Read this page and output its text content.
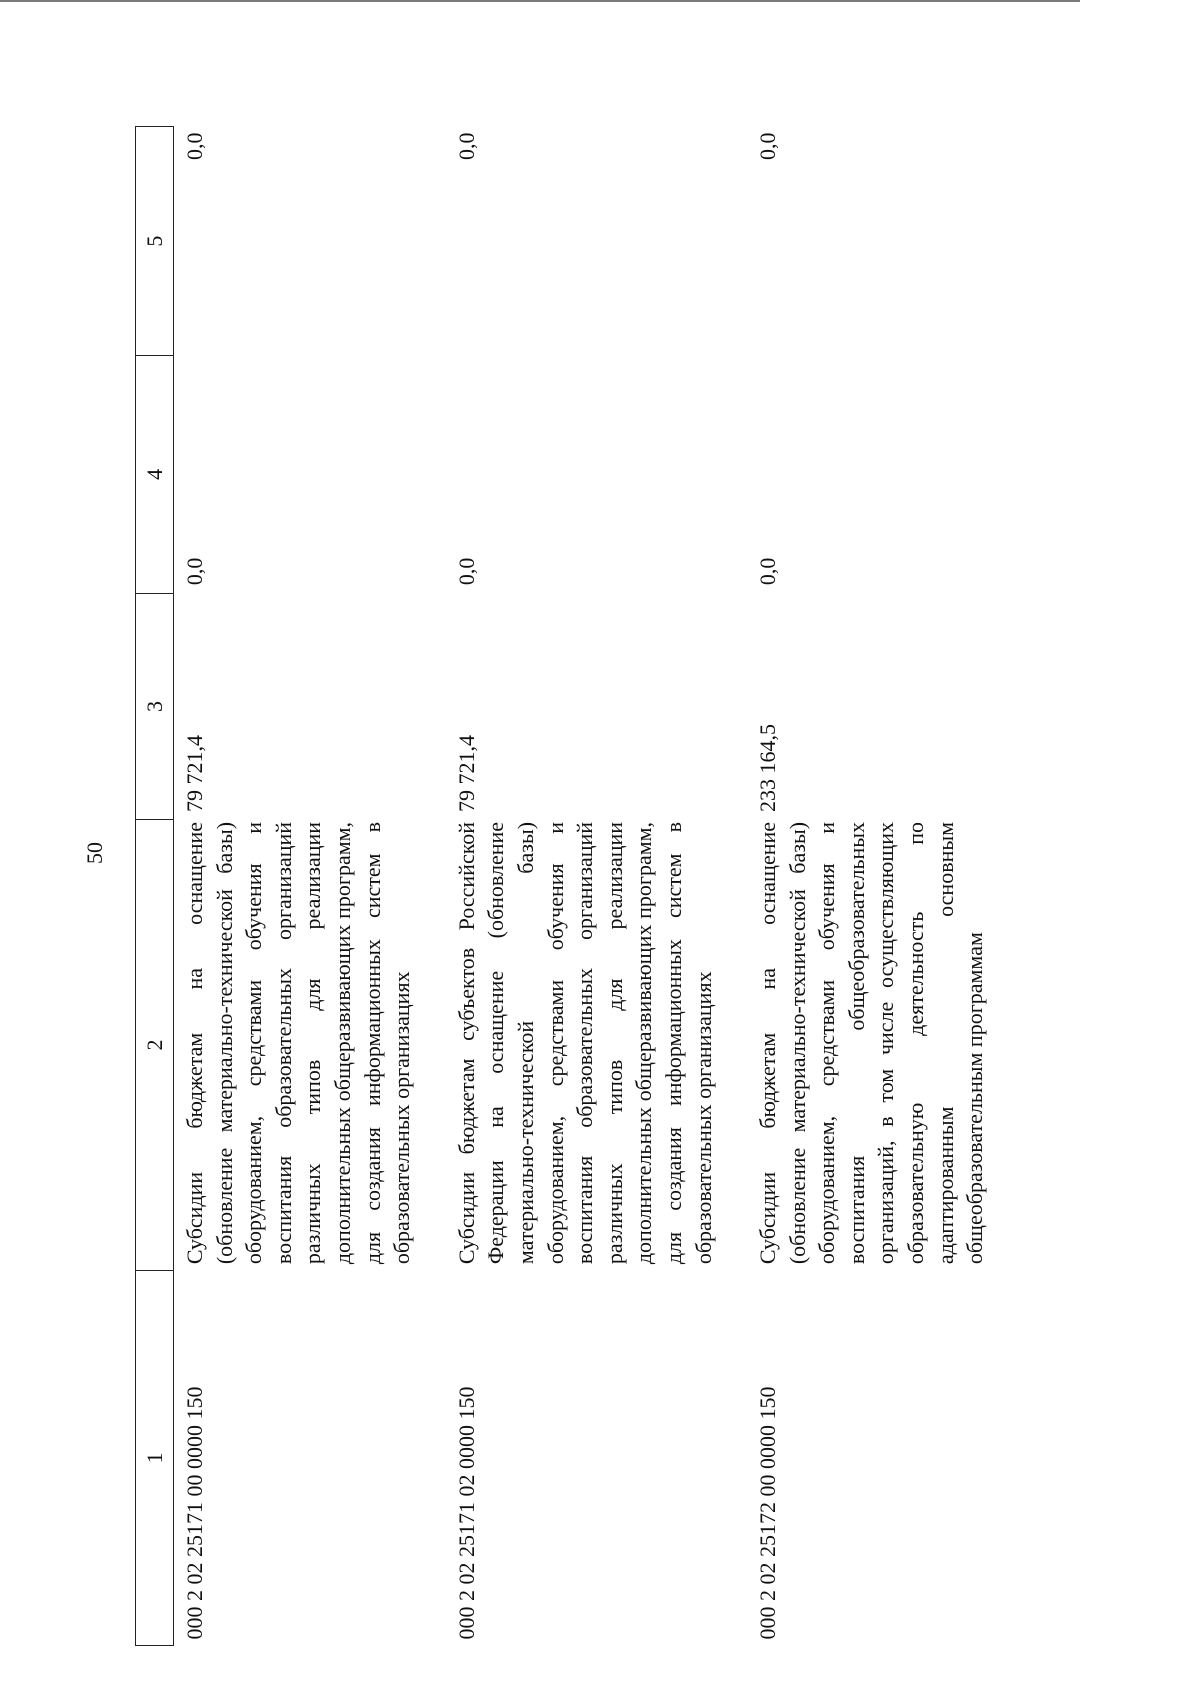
50
1	2	3	4	5
000 2 02 25171 00 0000 150	Субсидии бюджетам на оснащение (обновление материально-технической базы) оборудованием, средствами обучения и воспитания образовательных организаций различных типов для реализации дополнительных общеразвивающих программ, для создания информационных систем в образовательных организациях	79 721,4	0,0	0,0
000 2 02 25171 02 0000 150	Субсидии бюджетам субъектов Российской Федерации на оснащение (обновление материально-технической базы) оборудованием, средствами обучения и воспитания образовательных организаций различных типов для реализации дополнительных общеразвивающих программ, для создания информационных систем в образовательных организациях	79 721,4	0,0	0,0
000 2 02 25172 00 0000 150	Субсидии бюджетам на оснащение (обновление материально-технической базы) оборудованием, средствами обучения и воспитания общеобразовательных организаций, в том числе осуществляющих образовательную деятельность по адаптированным основным общеобразовательным программам	233 164,5	0,0	0,0
